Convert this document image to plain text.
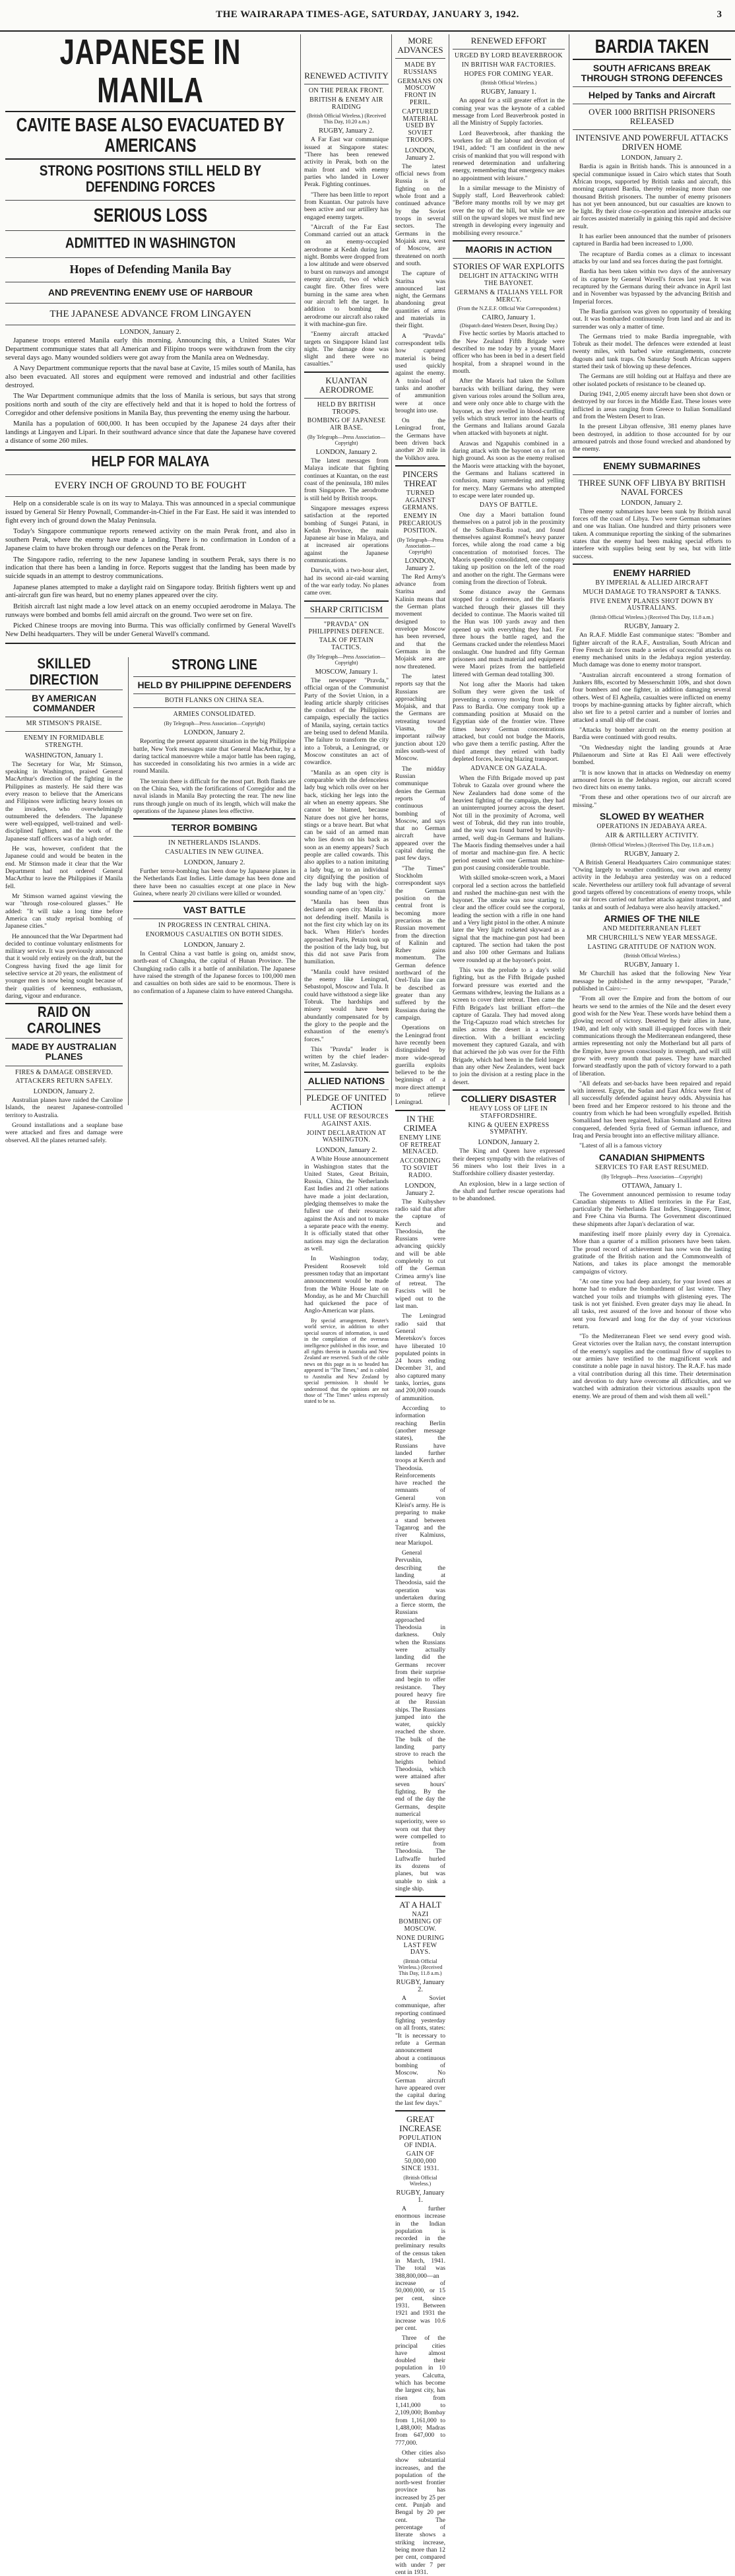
THE WAIRARAPA TIMES-AGE, SATURDAY, JANUARY 3, 1942.	3
JAPANESE IN MANILA
CAVITE BASE ALSO EVACUATED BY AMERICANS
STRONG POSITIONS STILL HELD BY DEFENDING FORCES
SERIOUS LOSS
ADMITTED IN WASHINGTON
Hopes of Defending Manila Bay
AND PREVENTING ENEMY USE OF HARBOUR
THE JAPANESE ADVANCE FROM LINGAYEN
LONDON, January 2.

Japanese troops entered Manila early this morning. Announcing this, a United States War Department communique states that all American and Filipino troops were withdrawn from the city several days ago. Many wounded soldiers were got away from the Manila area on Wednesday.

A Navy Department communique reports that the naval base at Cavite, 15 miles south of Manila, has also been evacuated. All stores and equipment were removed and industrial and other facilities destroyed.

The War Department communique admits that the loss of Manila is serious, but says that strong positions north and south of the city are effectively held and that it is hoped to hold the fortress of Corregidor and other defensive positions in Manila Bay, thus preventing the enemy using the harbour.

Manila has a population of 600,000. It has been occupied by the Japanese 24 days after their landings at Lingayen and Lipari. In their southward advance since that date the Japanese have covered a distance of some 260 miles.

HELP FOR MALAYA
EVERY INCH OF GROUND TO BE FOUGHT

Help on a considerable scale is on its way to Malaya. This was announced in a special communique issued by General Sir Henry Pownall, Commander-in-Chief in the Far East. He said it was intended to fight every inch of ground down the Malay Peninsula.

Today's Singapore communique reports renewed activity on the main Perak front, and also in southern Perak, where the enemy have made a landing. There is no confirmation in London of a Japanese claim to have broken through our defences on the Perak front.

The Singapore radio, referring to the new Japanese landing in southern Perak, says there is no indication that there has been a landing in force. Reports suggest that the landing has been made by suicide squads in an attempt to destroy communications.

Japanese planes attempted to make a daylight raid on Singapore today. British fighters went up and anti-aircraft gun fire was heard, but no enemy planes appeared over the city.

British aircraft last night made a low level attack on an enemy occupied aerodrome in Malaya. The runways were bombed and bombs fell amid aircraft on the ground. Two were set on fire.

Picked Chinese troops are moving into Burma. This was officially confirmed by General Wavell's New Delhi headquarters. They will be under General Wavell's command.

SKILLED DIRECTION
BY AMERICAN COMMANDER
MR STIMSON'S PRAISE.
ENEMY IN FORMIDABLE STRENGTH.
WASHINGTON, January 1.

The Secretary for War, Mr Stimson, speaking in Washington, praised General MacArthur's direction of the fighting in the Philippines as masterly. He said there was every reason to believe that the Americans and Filipinos were inflicting heavy losses on the invaders, who overwhelmingly outnumbered the defenders. The Japanese were well-equipped, well-trained and well-disciplined fighters, and the work of the Japanese staff officers was of a high order.

He was, however, confident that the Japanese could and would be beaten in the end. Mr Stimson made it clear that the War Department had not ordered General MacArthur to leave the Philippines if Manila fell.

Mr Stimson warned against viewing the war "through rose-coloured glasses." He added: "It will take a long time before America can study reprisal bombing of Japanese cities."

He announced that the War Department had decided to continue voluntary enlistments for military service. It was previously announced that it would rely entirely on the draft, but the Congress having fixed the age limit for selective service at 20 years, the enlistment of younger men is now being sought because of their qualities of keenness, enthusiasm, daring, vigour and endurance.

RAID ON CAROLINES
MADE BY AUSTRALIAN PLANES
FIRES & DAMAGE OBSERVED.
ATTACKERS RETURN SAFELY.
LONDON, January 2.

Australian planes have raided the Caroline Islands, the nearest Japanese-controlled territory to Australia.

Ground installations and a seaplane base were attacked and fires and damage were observed. All the planes returned safely.

STRONG LINE
HELD BY PHILIPPINE DEFENDERS
BOTH FLANKS ON CHINA SEA.
ARMIES CONSOLIDATED.
(By Telegraph—Press Association—Copyright)
LONDON, January 2.

Reporting the present apparent situation in the big Philippine battle, New York messages state that General MacArthur, by a daring tactical manoeuvre while a major battle has been raging, has succeeded in consolidating his two armies in a wide arc round Manila.

The terrain there is difficult for the most part. Both flanks are on the China Sea, with the fortifications of Corregidor and the naval islands in Manila Bay protecting the rear. The new line runs through jungle on much of its length, which will make the operations of the Japanese planes less effective.

TERROR BOMBING
IN NETHERLANDS ISLANDS.
CASUALTIES IN NEW GUINEA.
LONDON, January 2.

Further terror-bombing has been done by Japanese planes in the Netherlands East Indies. Little damage has been done and there have been no casualties except at one place in New Guinea, where nearly 20 civilians were killed or wounded.

VAST BATTLE
IN PROGRESS IN CENTRAL CHINA.
ENORMOUS CASUALTIES ON BOTH SIDES.
LONDON, January 2.

In Central China a vast battle is going on, amidst snow, north-east of Changsha, the capital of Hunan Province. The Chungking radio calls it a battle of annihilation. The Japanese have raised the strength of the Japanese forces to 100,000 men and casualties on both sides are said to be enormous. There is no confirmation of a Japanese claim to have entered Changsha.

RENEWED ACTIVITY
ON THE PERAK FRONT.
BRITISH & ENEMY AIR RAIDING
(British Official Wireless.) (Received This Day, 10.20 a.m.)
RUGBY, January 2.

A Far East war communique issued at Singapore states: "There has been renewed activity in Perak, both on the main front and with enemy parties who landed in Lower Perak. Fighting continues.

"There has been little to report from Kuantan. Our patrols have been active and our artillery has engaged enemy targets.

"Aircraft of the Far East Command carried out an attack on an enemy-occupied aerodrome at Kedah during last night. Bombs were dropped from a low altitude and were observed to burst on runways and amongst enemy aircraft, two of which caught fire. Other fires were burning in the same area when our aircraft left the target. In addition to bombing the aerodrome our aircraft also raked it with machine-gun fire.

"Enemy aircraft attacked targets on Singapore Island last night. The damage done was slight and there were no casualties."

KUANTAN AERODROME
HELD BY BRITISH TROOPS.
BOMBING OF JAPANESE AIR BASE.
(By Telegraph—Press Association—Copyright)
LONDON, January 2.

The latest messages from Malaya indicate that fighting continues at Kuantan, on the east coast of the peninsula, 180 miles from Singapore. The aerodrome is still held by British troops.

Singapore messages express satisfaction at the reported bombing of Sungei Patani, in Kedah Province, the main Japanese air base in Malaya, and at increased air operations against the Japanese communications.

Darwin, with a two-hour alert, had its second air-raid warning of the war early today. No planes came over.

SHARP CRITICISM
"PRAVDA" ON PHILIPPINES DEFENCE.
TALK OF PETAIN TACTICS.
(By Telegraph—Press Association—Copyright)
MOSCOW, January 1.

The newspaper "Pravda," official organ of the Communist Party of the Soviet Union, in a leading article sharply criticises the conduct of the Philippines campaign, especially the tactics of Manila, saying, certain tactics are being used to defend Manila. The failure to transform the city into a Tobruk, a Leningrad, or Moscow constitutes an act of cowardice.

"Manila as an open city is comparable with the defenceless lady bug which rolls over on her back, sticking her legs into the air when an enemy appears. She cannot be blamed, because Nature does not give her horns, stings or a brave heart. But what can be said of an armed man who lies down on his back as soon as an enemy appears? Such people are called cowards. This also applies to a nation imitating a lady bug, or to an individual city dignifying the position of the lady bug with the high-sounding name of an 'open city.'

"Manila has been thus declared an open city. Manila is not defending itself. Manila is not the first city which lay on its back. When Hitler's hordes approached Paris, Petain took up the position of the lady bug, but this did not save Paris from humiliation.

"Manila could have resisted the enemy like Leningrad, Sebastopol, Moscow and Tula. It could have withstood a siege like Tobruk. The hardships and misery would have been abundantly compensated for by the glory to the people and the exhaustion of the enemy's forces."

This "Pravda" leader is written by the chief leader-writer, M. Zaslavsky.

ALLIED NATIONS
PLEDGE OF UNITED ACTION
FULL USE OF RESOURCES AGAINST AXIS.
JOINT DECLARATION AT WASHINGTON.
LONDON, January 2.

A White House announcement in Washington states that the United States, Great Britain, Russia, China, the Netherlands East Indies and 21 other nations have made a joint declaration, pledging themselves to make the fullest use of their resources against the Axis and not to make a separate peace with the enemy. It is officially stated that other nations may sign the declaration as well.

In Washington today, President Roosevelt told pressmen today that an important announcement would be made from the White House late on Monday, as he and Mr Churchill had quickened the pace of Anglo-American war plans.

By special arrangement, Reuter's world service, in addition to other special sources of information, is used in the compilation of the overseas intelligence published in this issue, and all rights therein in Australia and New Zealand are reserved. Such of the cable news on this page as is so headed has appeared in "The Times," and is cabled to Australia and New Zealand by special permission. It should be understood that the opinions are not those of "The Times" unless expressly stated to be so.

MORE ADVANCES
MADE BY RUSSIANS
GERMANS ON MOSCOW FRONT IN PERIL.
CAPTURED MATERIAL USED BY SOVIET TROOPS.
LONDON, January 2.

The latest official news from Russia is of fighting on the whole front and a continued advance by the Soviet troops in several sectors. The Germans in the Mojaisk area, west of Moscow, are threatened on north and south.

The capture of Staritsa was announced last night, the Germans abandoning great quantities of arms and materials in their flight.

A "Pravda" correspondent tells how captured material is being used quickly against the enemy. A train-load of tanks and another of ammunition were at once brought into use.

On the Leningrad front, the Germans have been driven back another 20 mile in the Volkhov area.

PINCERS THREAT
TURNED AGAINST GERMANS.
ENEMY IN PRECARIOUS POSITION.
(By Telegraph—Press Association—Copyright)
LONDON, January 2.

The Red Army's advance from Staritsa and Kalinin means that the German plans movement designed to envelope Moscow has been reversed, and that the Germans in the Mojaisk area are now threatened.

The latest reports say that the Russians are approaching Mojaisk, and that the Germans are retreating toward Viasma, the important railway junction about 120 miles south-west of Moscow.

The midday Russian communique denies the German reports of continuous bombing of Moscow, and says that no German aircraft have appeared over the capital during the past few days.

"The Times" Stockholm correspondent says the German position on the central front is becoming more precarious as the Russian movement from the direction of Kalinin and Rzhev gains momentum. The German defence northward of the Orel-Tula line can be described as greater than any suffered by the Russians during the campaign.

Operations on the Leningrad front have recently been distinguished by more wide-spread guerilla exploits believed to be the beginnings of a more direct attempt to relieve Leningrad.

IN THE CRIMEA
ENEMY LINE OF RETREAT MENACED.
ACCORDING TO SOVIET RADIO.
LONDON, January 2.

The Kuibyshev radio said that after the capture of Kerch and Theodosia, the Russians were advancing quickly and will be able completely to cut off the German Crimea army's line of retreat. The Fascists will be wiped out to the last man.

The Leningrad radio said that General Meretskov's forces have liberated 10 populated points in 24 hours ending December 31, and also captured many tanks, lorries, guns and 200,000 rounds of ammunition.

According to information reaching Berlin (another message states), the Russians have landed further troops at Kerch and Theodosia. Reinforcements have reached the remnants of General von Kleist's army. He is preparing to make a stand between Taganrog and the river Kalmiuss, near Mariupol.

General Pervushin, describing the landing at Theodosia, said the operation was undertaken during a fierce storm, the Russians approached Theodosia in darkness. Only when the Russians were actually landing did the Germans recover from their surprise and begin to offer resistance. They poured heavy fire at the Russian ships. The Russians jumped into the water, quickly reached the shore. The bulk of the landing party strove to reach the heights behind Theodosia, which were attained after seven hours' fighting. By the end of the day the Germans, despite numerical superiority, were so worn out that they were compelled to retire from Theodosia. The Luftwaffe hurled its dozens of planes, but was unable to sink a single ship.

AT A HALT
NAZI BOMBING OF MOSCOW.
NONE DURING LAST FEW DAYS.
(British Official Wireless.) (Received This Day, 11.8 a.m.)
RUGBY, January 2.

A Soviet communique, after reporting continued fighting yesterday on all fronts, states: "It is necessary to refute a German announcement about a continuous bombing of Moscow. No German aircraft have appeared over the capital during the last few days."

GREAT INCREASE
POPULATION OF INDIA.
GAIN OF 50,000,000 SINCE 1931.
(British Official Wireless.)
RUGBY, January 1.

A further enormous increase in the Indian population is recorded in the preliminary results of the census taken in March, 1941. The total was 388,800,000—an increase of 50,000,000, or 15 per cent, since 1931. Between 1921 and 1931 the increase was 10.6 per cent.

Three of the principal cities have almost doubled their population in 10 years. Calcutta, which has become the largest city, has risen from 1,141,000 to 2,109,000; Bombay from 1,161,000 to 1,488,000; Madras from 647,000 to 777,000.

Other cities also show substantial increases, and the population of the north-west frontier province has increased by 25 per cent. Punjab and Bengal by 20 per cent. The percentage of literate shows a striking increase, being more than 12 per cent, compared with under 7 per cent in 1931.

RENEWED EFFORT
URGED BY LORD BEAVERBROOK
IN BRITISH WAR FACTORIES.
HOPES FOR COMING YEAR.
(British Official Wireless.)
RUGBY, January 1.

An appeal for a still greater effort in the coming year was the keynote of a cabled message from Lord Beaverbrook posted in all the Ministry of Supply factories.

Lord Beaverbrook, after thanking the workers for all the labour and devotion of 1941, added: "I am confident in the new crisis of mankind that you will respond with renewed determination and unfaltering energy, remembering that emergency makes no appointment with leisure."

In a similar message to the Ministry of Supply staff, Lord Beaverbrook cabled: "Before many months roll by we may get over the top of the hill, but while we are still on the upward slopes we must find new strength in developing every ingenuity and mobilising every resource."

MAORIS IN ACTION
STORIES OF WAR EXPLOITS
DELIGHT IN ATTACKING WITH THE BAYONET.
GERMANS & ITALIANS YELL FOR MERCY.
(From the N.Z.E.F. Official War Correspondent.)
CAIRO, January 1.
(Dispatch dated Western Desert, Boxing Day.)

Five hectic sorties by Maoris attached to the New Zealand Fifth Brigade were described to me today by a young Maori officer who has been in bed in a desert field hospital, from a shrapnel wound in the mouth.

After the Maoris had taken the Sollum barracks with brilliant daring, they were given various roles around the Sollum area, and were only once able to charge with the bayonet, as they revelled in blood-curdling yells which struck terror into the hearts of the Germans and Italians around Gazala when attacked with bayonets at night.

Arawas and Ngapuhis combined in a daring attack with the bayonet on a fort on high ground. As soon as the enemy realised the Maoris were attacking with the bayonet, the Germans and Italians scattered in confusion, many surrendering and yelling for mercy. Many Germans who attempted to escape were later rounded up.

DAYS OF BATTLE.

One day a Maori battalion found themselves on a patrol job in the proximity of the Sollum-Bardia road, and found themselves against Rommel's heavy panzer forces, while along the road came a big concentration of motorised forces. The Maoris speedily consolidated, one company taking up position on the left of the road and another on the right. The Germans were coming from the direction of Tobruk.

Some distance away the Germans stopped for a conference, and the Maoris watched through their glasses till they decided to continue. The Maoris waited till the Hun was 100 yards away and then opened up with everything they had. For three hours the battle raged, and the Germans cracked under the relentless Maori onslaught. One hundred and fifty German prisoners and much material and equipment were Maori prizes from the battlefield littered with German dead totalling 300.

Not long after the Maoris had taken Sollum they were given the task of preventing a convoy moving from Helfire Pass to Bardia. One company took up a commanding position at Musaid on the Egyptian side of the frontier wire. Three times heavy German concentrations attacked, but could not budge the Maoris, who gave them a terrific pasting. After the third attempt they retired with badly depleted forces, leaving blazing transport.

ADVANCE ON GAZALA.

When the Fifth Brigade moved up past Tobruk to Gazala over ground where the New Zealanders had done some of the heaviest fighting of the campaign, they had an uninterrupted journey across the desert. Not till in the proximity of Acroma, well west of Tobruk, did they run into trouble, and the way was found barred by heavily-armed, well dug-in Germans and Italians. The Maoris finding themselves under a hail of mortar and machine-gun fire. A hectic period ensued with one German machine-gun post causing considerable trouble.

With skilled smoke-screen work, a Maori corporal led a section across the battlefield and rushed the machine-gun nest with the bayonet. The smoke was now starting to clear and the officer could see the corporal, leading the section with a rifle in one hand and a Very light pistol in the other. A minute later the Very light rocketed skyward as a signal that the machine-gun post had been captured. The section had taken the post and also 100 other Germans and Italians were rounded up at the bayonet's point.

This was the prelude to a day's solid fighting, but as the Fifth Brigade pushed forward pressure was exerted and the Germans withdrew, leaving the Italians as a screen to cover their retreat. Then came the Fifth Brigade's last brilliant effort—the capture of Gazala. They had moved along the Trig-Capuzzo road which stretches for miles across the desert in a westerly direction. With a brilliant encircling movement they captured Gazala, and with that achieved the job was over for the Fifth Brigade, which had been in the field longer than any other New Zealanders, went back to join the division at a resting place in the desert.

COLLIERY DISASTER
HEAVY LOSS OF LIFE IN STAFFORDSHIRE.
KING & QUEEN EXPRESS SYMPATHY.
LONDON, January 2.

The King and Queen have expressed their deepest sympathy with the relatives of 56 miners who lost their lives in a Staffordshire colliery disaster yesterday.

An explosion, blew in a large section of the shaft and further rescue operations had to be abandoned.

BARDIA TAKEN
SOUTH AFRICANS BREAK THROUGH STRONG DEFENCES
Helped by Tanks and Aircraft
OVER 1000 BRITISH PRISONERS RELEASED
INTENSIVE AND POWERFUL ATTACKS DRIVEN HOME
LONDON, January 2.

Bardia is again in British hands. This is announced in a special communique issued in Cairo which states that South African troops, supported by British tanks and aircraft, this morning captured Bardia, thereby releasing more than one thousand British prisoners. The number of enemy prisoners has not yet been announced, but our casualties are known to be light. By their close co-operation and intensive attacks our air forces assisted materially in gaining this rapid and decisive result.

It has earlier been announced that the number of prisoners captured in Bardia had been increased to 1,000.

The recapture of Bardia comes as a climax to incessant attacks by our land and sea forces during the past fortnight.

Bardia has been taken within two days of the anniversary of its capture by General Wavell's forces last year. It was recaptured by the Germans during their advance in April last and in November was bypassed by the advancing British and Imperial forces.

The Bardia garrison was given no opportunity of breaking out. It was bombarded continuously from land and air and its surrender was only a matter of time.

The Germans tried to make Bardia impregnable, with Tobruk as their model. The defences were extended at least twenty miles, with barbed wire entanglements, concrete dugouts and tank traps. On Saturday South African sappers started their task of blowing up these defences.

The Germans are still holding out at Halfaya and there are other isolated pockets of resistance to be cleaned up.

During 1941, 2,005 enemy aircraft have been shot down or destroyed by our forces in the Middle East. These losses were inflicted in areas ranging from Greece to Italian Somaliland and from the Western Desert to Iran.

In the present Libyan offensive, 381 enemy planes have been destroyed, in addition to those accounted for by our armoured patrols and those found wrecked and abandoned by the enemy.

ENEMY SUBMARINES
THREE SUNK OFF LIBYA BY BRITISH NAVAL FORCES
LONDON, January 2.

Three enemy submarines have been sunk by British naval forces off the coast of Libya. Two were German submarines and one was Italian. One hundred and thirty prisoners were taken. A communique reporting the sinking of the submarines states that the enemy had been making special efforts to interfere with supplies being sent by sea, but with little success.

ENEMY HARRIED
BY IMPERIAL & ALLIED AIRCRAFT
MUCH DAMAGE TO TRANSPORT & TANKS.
FIVE ENEMY PLANES SHOT DOWN BY AUSTRALIANS.
(British Official Wireless.) (Received This Day, 11.8 a.m.)
RUGBY, January 2.

An R.A.F. Middle East communique states: "Bomber and fighter aircraft of the R.A.F., Australian, South African and Free French air forces made a series of successful attacks on enemy mechanised units in the Jedabaya region yesterday. Much damage was done to enemy motor transport.

"Australian aircraft encountered a strong formation of Junkers 88s, escorted by Messerschmitt 109s, and shot down four bombers and one fighter, in addition damaging several others. West of El Agheila, casualties were inflicted on enemy troops by machine-gunning attacks by fighter aircraft, which also set fire to a petrol carrier and a number of lorries and attacked a small ship off the coast.

"Attacks by bomber aircraft on the enemy position at Bardia were continued with good results.

"On Wednesday night the landing grounds at Arae Philaenorum and Sirte at Ras El Aali were effectively bombed.

"It is now known that in attacks on Wednesday on enemy armoured forces in the Jedabaya region, our aircraft scored two direct hits on enemy tanks.

"From these and other operations two of our aircraft are missing."

SLOWED BY WEATHER
OPERATIONS IN JEDABAYA AREA.
AIR & ARTILLERY ACTIVITY.
(British Official Wireless.) (Received This Day, 11.8 a.m.)
RUGBY, January 2.

A British General Headquarters Cairo communique states: "Owing largely to weather conditions, our own and enemy activity in the Jedabaya area yesterday was on a reduced scale. Nevertheless our artillery took full advantage of several good targets offered by concentrations of enemy troops, while our air forces carried out further attacks against transport, and tanks at and south of Jedabaya were also heavily attacked."

ARMIES OF THE NILE
AND MEDITERRANEAN FLEET
MR CHURCHILL'S NEW YEAR MESSAGE.
LASTING GRATITUDE OF NATION WON.
(British Official Wireless.)
RUGBY, January 1.

Mr Churchill has asked that the following New Year message be published in the army newspaper, "Parade," published in Cairo:—

"From all over the Empire and from the bottom of our hearts we send to the armies of the Nile and the desert every good wish for the New Year. These words have behind them a glowing record of victory. Deserted by their allies in June, 1940, and left only with small ill-equipped forces with their communications through the Mediterranean endangered, these armies representing not only the Motherland but all parts of the Empire, have grown consciously in strength, and will still grow with every month that passes. They have marched forward steadfastly upon the path of victory forward to a path of liberation.

"All defeats and set-backs have been repaired and repaid with interest. Egypt, the Sudan and East Africa were first of all successfully defended against heavy odds. Abyssinia has been freed and her Emperor restored to his throne and the country from which he had been wrongfully expelled. British Somaliland has been regained, Italian Somaliland and Eritrea conquered, defended Syria freed of German influence, and Iraq and Persia brought into an effective military alliance.

"Latest of all is a famous victory

CANADIAN SHIPMENTS
SERVICES TO FAR EAST RESUMED.
(By Telegraph—Press Association—Copyright)
OTTAWA, January 1.

The Government announced permission to resume today Canadian shipments to Allied territories in the Far East, particularly the Netherlands East Indies, Singapore, Timor, and Free China via Burma. The Government discontinued these shipments after Japan's declaration of war.

manifesting itself more plainly every day in Cyrenaica. More than a quarter of a million prisoners have been taken. The proud record of achievement has now won the lasting gratitude of the British nation and the Commonwealth of Nations, and takes its place amongst the memorable campaigns of victory.

"At one time you had deep anxiety, for your loved ones at home had to endure the bombardment of last winter. They watched your toils and triumphs with glistening eyes. The task is not yet finished. Even greater days may lie ahead. In all tasks, rest assured of the love and honour of those who sent you forward and long for the day of your victorious return.

"To the Mediterranean Fleet we send every good wish. Great victories over the Italian navy, the constant interruption of the enemy's supplies and the continual flow of supplies to our armies have testified to the magnificent work and constitute a noble page in naval history. The R.A.F. has made a vital contribution during all this time. Their determination and devotion to duty have overcome all difficulties, and we watched with admiration their victorious assaults upon the enemy. We are proud of them and wish them all well."
